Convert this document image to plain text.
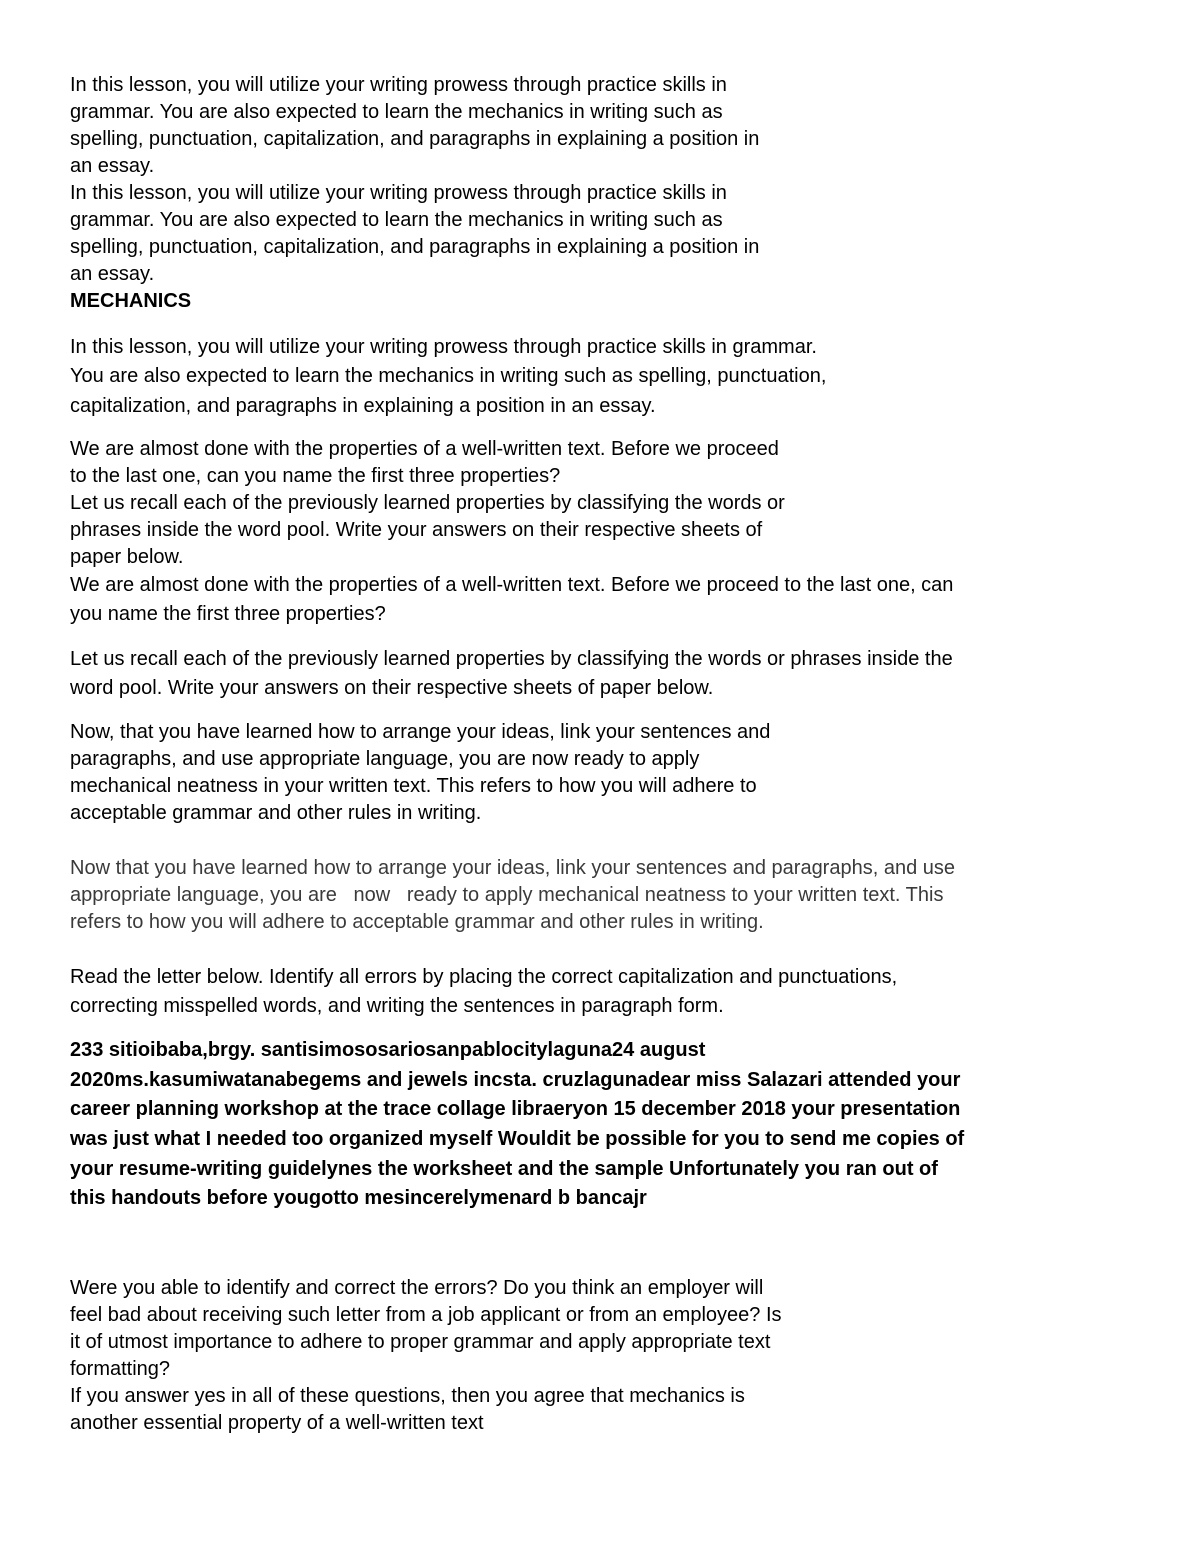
In this lesson, you will utilize your writing prowess through practice skills in
grammar. You are also expected to learn the mechanics in writing such as
spelling, punctuation, capitalization, and paragraphs in explaining a position in
an essay.
In this lesson, you will utilize your writing prowess through practice skills in
grammar. You are also expected to learn the mechanics in writing such as
spelling, punctuation, capitalization, and paragraphs in explaining a position in
an essay.
MECHANICS
In this lesson, you will utilize your writing prowess through practice skills in grammar.
You are also expected to learn the mechanics in writing such as spelling, punctuation,
capitalization, and paragraphs in explaining a position in an essay.
We are almost done with the properties of a well-written text. Before we proceed
to the last one, can you name the first three properties?
Let us recall each of the previously learned properties by classifying the words or
phrases inside the word pool. Write your answers on their respective sheets of
paper below.
We are almost done with the properties of a well-written text. Before we proceed to the last one, can
you name the first three properties?
Let us recall each of the previously learned properties by classifying the words or phrases inside the
word pool. Write your answers on their respective sheets of paper below.
Now, that you have learned how to arrange your ideas, link your sentences and
paragraphs, and use appropriate language, you are now ready to apply
mechanical neatness in your written text. This refers to how you will adhere to
acceptable grammar and other rules in writing.
Now that you have learned how to arrange your ideas, link your sentences and paragraphs, and use
appropriate language, you are   now   ready to apply mechanical neatness to your written text. This
refers to how you will adhere to acceptable grammar and other rules in writing.
Read the letter below. Identify all errors by placing the correct capitalization and punctuations,
correcting misspelled words, and writing the sentences in paragraph form.
233 sitioibaba,brgy. santisimososariosanpablocitylaguna24 august
2020ms.kasumiwatanabegems and jewels incsta. cruzlagunadear miss Salazari attended your
career planning workshop at the trace collage libraeryon 15 december 2018 your presentation
was just what I needed too organized myself Wouldit be possible for you to send me copies of
your resume-writing guidelynes the worksheet and the sample Unfortunately you ran out of
this handouts before yougotto mesincerelymenard b bancajr
Were you able to identify and correct the errors? Do you think an employer will
feel bad about receiving such letter from a job applicant or from an employee? Is
it of utmost importance to adhere to proper grammar and apply appropriate text
formatting?
If you answer yes in all of these questions, then you agree that mechanics is
another essential property of a well-written text
